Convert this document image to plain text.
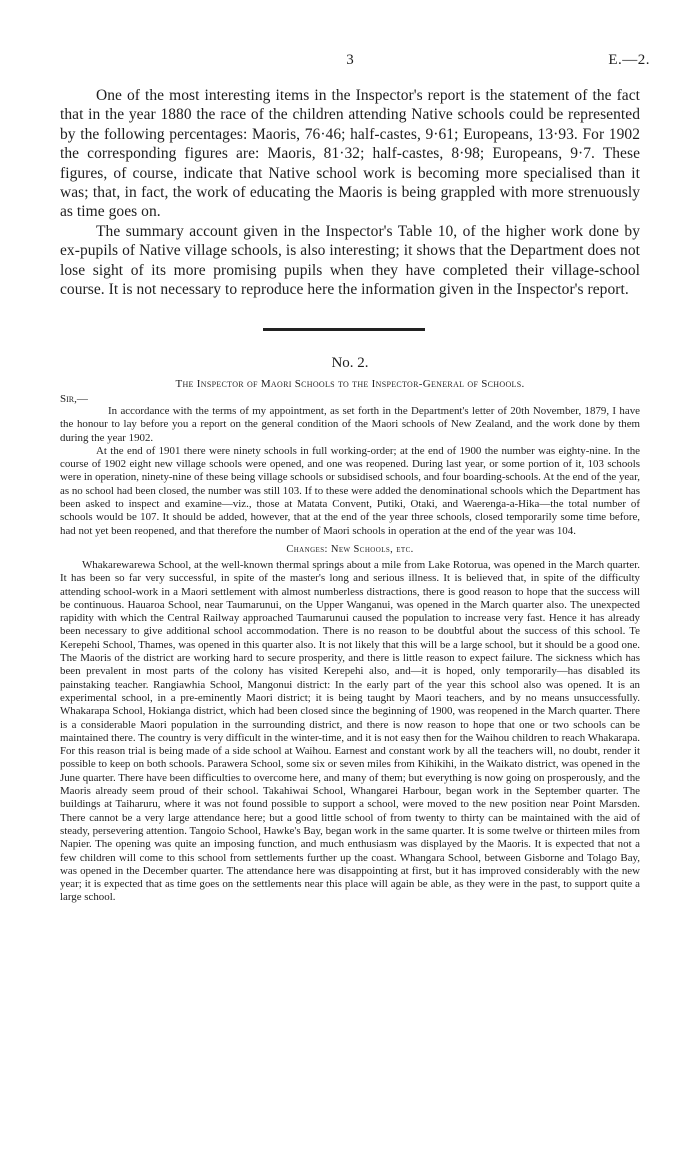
3	E.—2.

One of the most interesting items in the Inspector's report is the statement of the fact that in the year 1880 the race of the children attending Native schools could be represented by the following percentages: Maoris, 76·46; half-castes, 9·61; Europeans, 13·93. For 1902 the corresponding figures are: Maoris, 81·32; half-castes, 8·98; Europeans, 9·7. These figures, of course, indicate that Native school work is becoming more specialised than it was; that, in fact, the work of educating the Maoris is being grappled with more strenuously as time goes on.

The summary account given in the Inspector's Table 10, of the higher work done by ex-pupils of Native village schools, is also interesting; it shows that the Department does not lose sight of its more promising pupils when they have completed their village-school course. It is not necessary to reproduce here the information given in the Inspector's report.

No. 2.

The Inspector of Maori Schools to the Inspector-General of Schools.

Sir,—

In accordance with the terms of my appointment, as set forth in the Department's letter of 20th November, 1879, I have the honour to lay before you a report on the general condition of the Maori schools of New Zealand, and the work done by them during the year 1902.

At the end of 1901 there were ninety schools in full working-order; at the end of 1900 the number was eighty-nine. In the course of 1902 eight new village schools were opened, and one was reopened. During last year, or some portion of it, 103 schools were in operation, ninety-nine of these being village schools or subsidised schools, and four boarding-schools. At the end of the year, as no school had been closed, the number was still 103. If to these were added the denominational schools which the Department has been asked to inspect and examine—viz., those at Matata Convent, Putiki, Otaki, and Waerenga-a-Hika—the total number of schools would be 107. It should be added, however, that at the end of the year three schools, closed temporarily some time before, had not yet been reopened, and that therefore the number of Maori schools in operation at the end of the year was 104.

Changes: New Schools, etc.

Whakarewarewa School, at the well-known thermal springs about a mile from Lake Rotorua, was opened in the March quarter. It has been so far very successful, in spite of the master's long and serious illness. It is believed that, in spite of the difficulty attending school-work in a Maori settlement with almost numberless distractions, there is good reason to hope that the success will be continuous. Hauaroa School, near Taumarunui, on the Upper Wanganui, was opened in the March quarter also. The unexpected rapidity with which the Central Railway approached Taumarunui caused the population to increase very fast. Hence it has already been necessary to give additional school accommodation. There is no reason to be doubtful about the success of this school. Te Kerepehi School, Thames, was opened in this quarter also. It is not likely that this will be a large school, but it should be a good one. The Maoris of the district are working hard to secure prosperity, and there is little reason to expect failure. The sickness which has been prevalent in most parts of the colony has visited Kerepehi also, and—it is hoped, only temporarily—has disabled its painstaking teacher. Rangiawhia School, Mangonui district: In the early part of the year this school also was opened. It is an experimental school, in a pre-eminently Maori district; it is being taught by Maori teachers, and by no means unsuccessfully. Whakarapa School, Hokianga district, which had been closed since the beginning of 1900, was reopened in the March quarter. There is a considerable Maori population in the surrounding district, and there is now reason to hope that one or two schools can be maintained there. The country is very difficult in the winter-time, and it is not easy then for the Waihou children to reach Whakarapa. For this reason trial is being made of a side school at Waihou. Earnest and constant work by all the teachers will, no doubt, render it possible to keep on both schools. Parawera School, some six or seven miles from Kihikihi, in the Waikato district, was opened in the June quarter. There have been difficulties to overcome here, and many of them; but everything is now going on prosperously, and the Maoris already seem proud of their school. Takahiwai School, Whangarei Harbour, began work in the September quarter. The buildings at Taiharuru, where it was not found possible to support a school, were moved to the new position near Point Marsden. There cannot be a very large attendance here; but a good little school of from twenty to thirty can be maintained with the aid of steady, persevering attention. Tangoio School, Hawke's Bay, began work in the same quarter. It is some twelve or thirteen miles from Napier. The opening was quite an imposing function, and much enthusiasm was displayed by the Maoris. It is expected that not a few children will come to this school from settlements further up the coast. Whangara School, between Gisborne and Tolago Bay, was opened in the December quarter. The attendance here was disappointing at first, but it has improved considerably with the new year; it is expected that as time goes on the settlements near this place will again be able, as they were in the past, to support quite a large school.
